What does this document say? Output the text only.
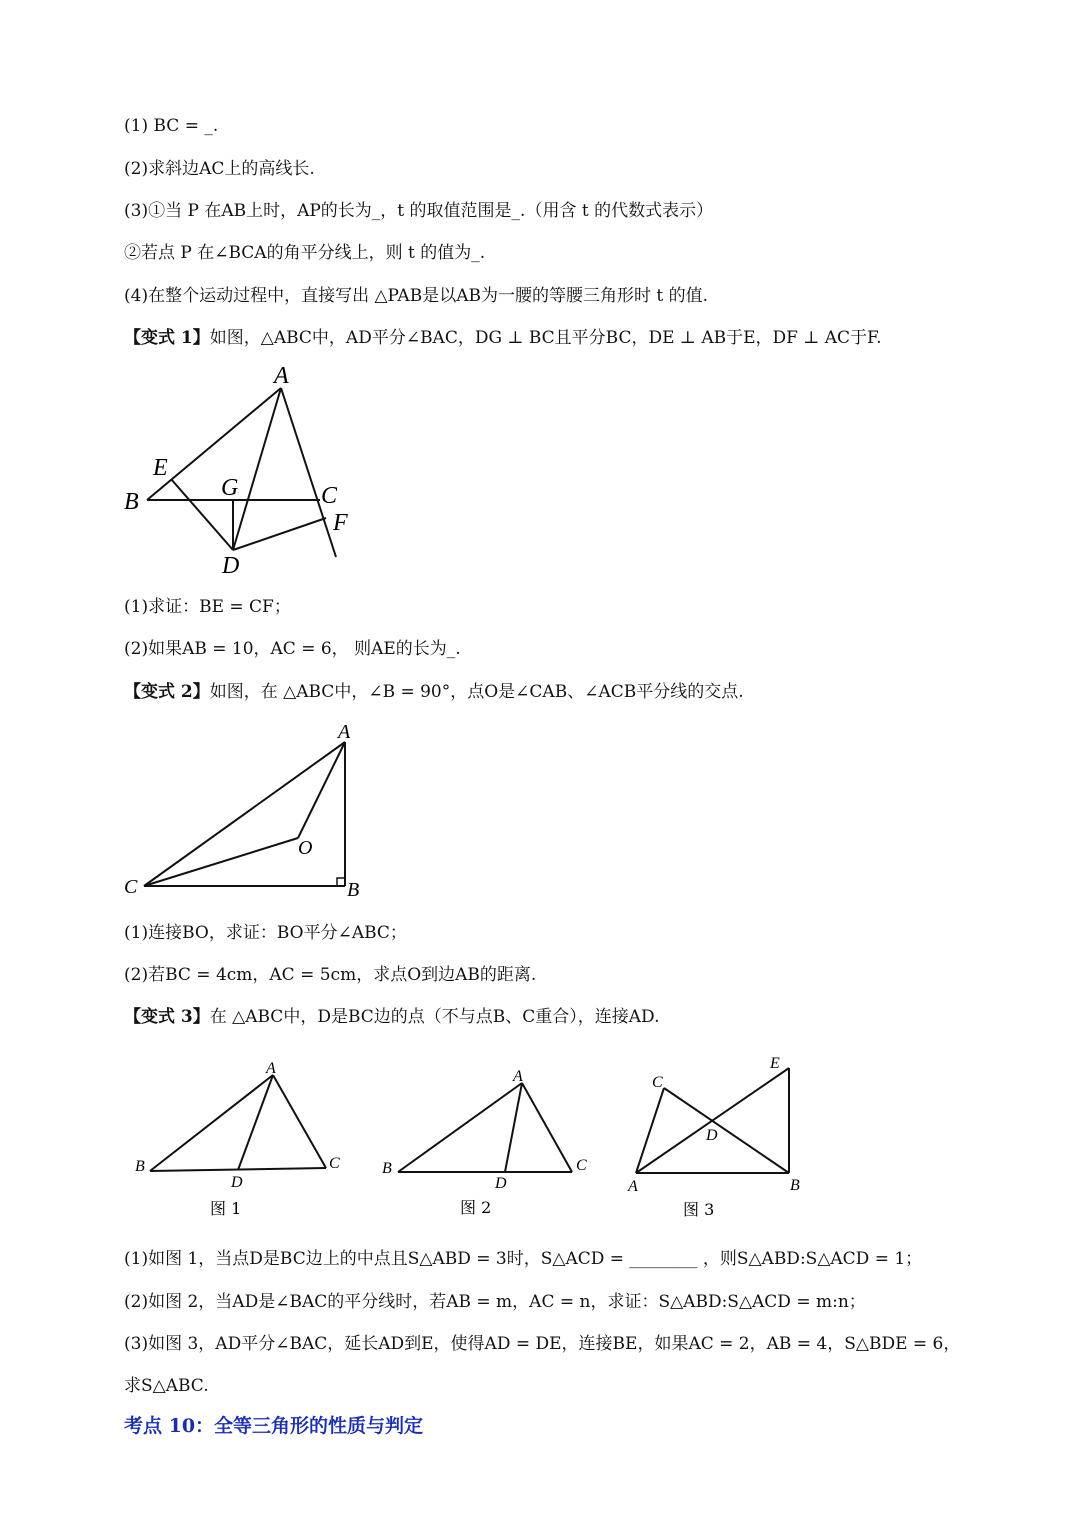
(1) BC = _.
(2)求斜边AC上的高线长.
(3)①当 P 在AB上时，AP的长为_，t 的取值范围是_.（用含 t 的代数式表示）
②若点 P 在∠BCA的角平分线上，则 t 的值为_.
(4)在整个运动过程中，直接写出 △PAB是以AB为一腰的等腰三角形时 t 的值.
【变式 1】如图，△ABC中，AD平分∠BAC，DG ⊥ BC且平分BC，DE ⊥ AB于E，DF ⊥ AC于F.
A
B	C
D
E
F
G
(1)求证：BE = CF；
(2)如果AB = 10，AC = 6， 则AE的长为_.
【变式 2】如图，在 △ABC中，∠B = 90°，点O是∠CAB、∠ACB平分线的交点.
A
B
C
O
(1)连接BO，求证：BO平分∠ABC；
(2)若BC = 4cm，AC = 5cm，求点O到边AB的距离.
【变式 3】在 △ABC中，D是BC边的点（不与点B、C重合），连接AD.
A
B	C
D
图 1
A
B	C
D
图 2
A	B
C
D
E
图 3
(1)如图 1，当点D是BC边上的中点且S△ABD = 3时，S△ACD = ________ ，则S△ABD:S△ACD = 1；
(2)如图 2，当AD是∠BAC的平分线时，若AB = m，AC = n，求证：S△ABD:S△ACD = m:n；
(3)如图 3，AD平分∠BAC，延长AD到E，使得AD = DE，连接BE，如果AC = 2，AB = 4，S△BDE = 6，
求S△ABC.
考点 10：全等三角形的性质与判定
